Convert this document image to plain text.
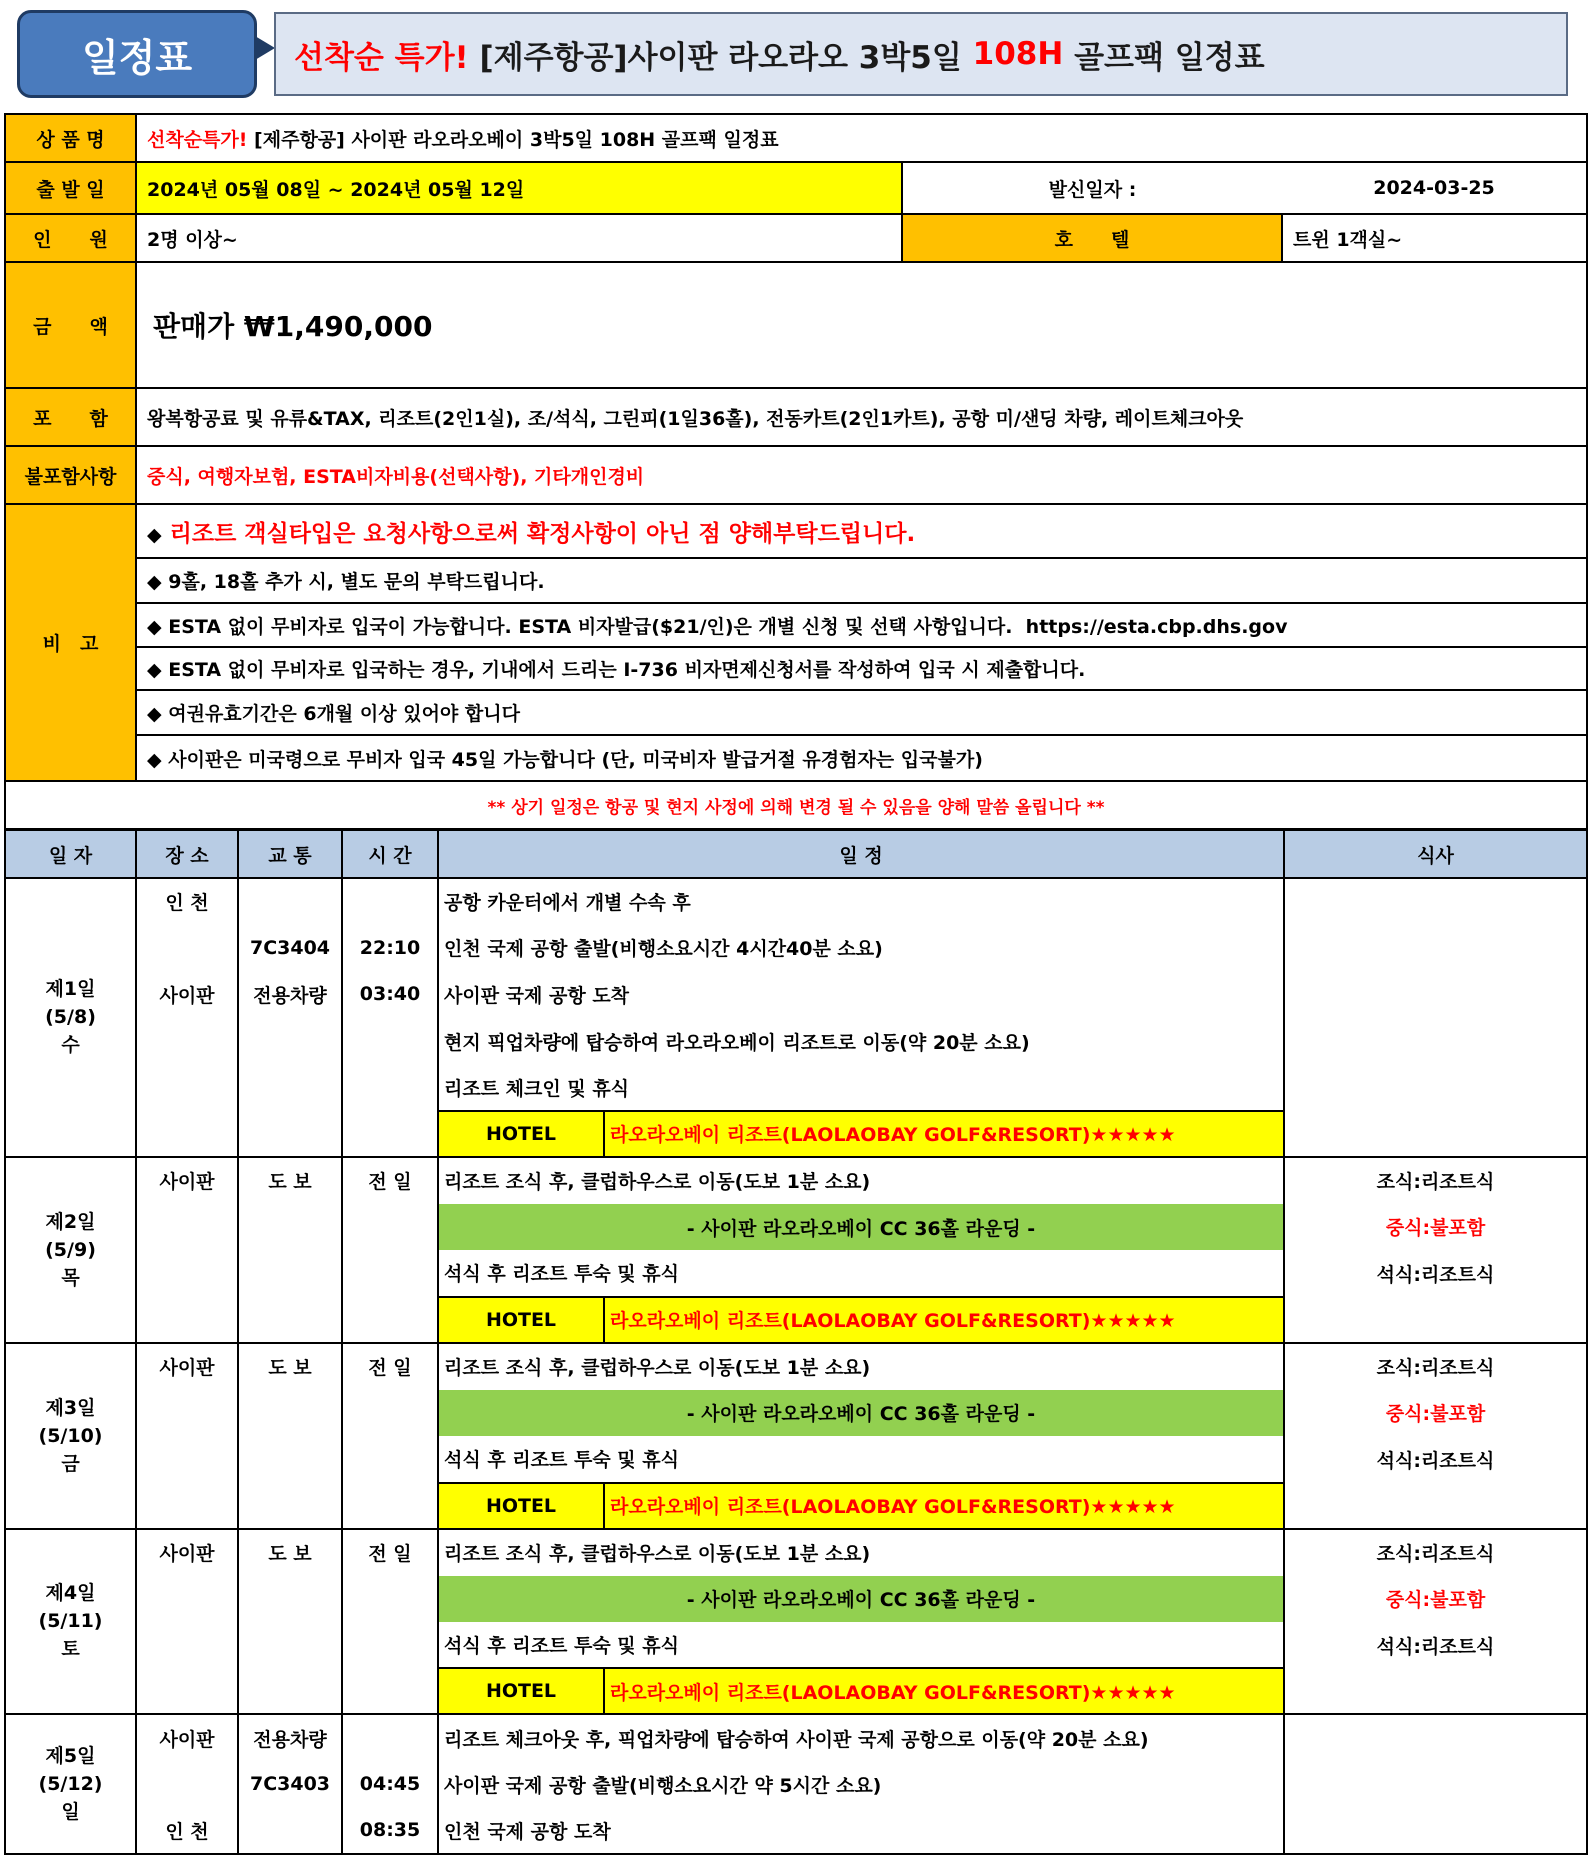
일정표	선착순 특가! [제주항공]사이판 라오라오 3박5일 108H 골프팩 일정표
상 품 명	선착순특가! [제주항공] 사이판 라오라오베이 3박5일 108H 골프팩 일정표		
출 발 일	2024년 05월 08일 ~ 2024년 05월 12일	발신일자 :	2024-03-25
인　　원	2명 이상~	호　　텔	트윈 1객실~
금　　액	판매가 ₩1,490,000		
포　　함	왕복항공료 및 유류&TAX, 리조트(2인1실), 조/석식, 그린피(1일36홀), 전동카트(2인1카트), 공항 미/샌딩 차량, 레이트체크아웃		
불포함사항	중식, 여행자보험, ESTA비자비용(선택사항), 기타개인경비		
비　고	◆ 리조트 객실타입은 요청사항으로써 확정사항이 아닌 점 양해부탁드립니다.		
	◆ 9홀, 18홀 추가 시, 별도 문의 부탁드립니다.		
	◆ ESTA 없이 무비자로 입국이 가능합니다. ESTA 비자발급($21/인)은 개별 신청 및 선택 사항입니다.  https://esta.cbp.dhs.gov		
	◆ ESTA 없이 무비자로 입국하는 경우, 기내에서 드리는 I-736 비자면제신청서를 작성하여 입국 시 제출합니다.		
	◆ 여권유효기간은 6개월 이상 있어야 합니다		
	◆ 사이판은 미국령으로 무비자 입국 45일 가능합니다 (단, 미국비자 발급거절 유경험자는 입국불가)		
** 상기 일정은 항공 및 현지 사정에 의해 변경 될 수 있음을 양해 말씀 올립니다 **			
일 자	장 소	교 통	시 간	일 정		식사
제1일
(5/8)
수	인 천			공항 카운터에서 개별 수속 후		
		7C3404	22:10	인천 국제 공항 출발(비행소요시간 4시간40분 소요)		
	사이판	전용차량	03:40	사이판 국제 공항 도착		
				현지 픽업차량에 탑승하여 라오라오베이 리조트로 이동(약 20분 소요)		
				리조트 체크인 및 휴식		
				HOTEL	라오라오베이 리조트(LAOLAOBAY GOLF&RESORT)★★★★★	
제2일
(5/9)
목	사이판	도 보	전 일	리조트 조식 후, 클럽하우스로 이동(도보 1분 소요)		조식:리조트식
				- 사이판 라오라오베이 CC 36홀 라운딩 -		중식:불포함
				석식 후 리조트 투숙 및 휴식		석식:리조트식
				HOTEL	라오라오베이 리조트(LAOLAOBAY GOLF&RESORT)★★★★★	
제3일
(5/10)
금	사이판	도 보	전 일	리조트 조식 후, 클럽하우스로 이동(도보 1분 소요)		조식:리조트식
				- 사이판 라오라오베이 CC 36홀 라운딩 -		중식:불포함
				석식 후 리조트 투숙 및 휴식		석식:리조트식
				HOTEL	라오라오베이 리조트(LAOLAOBAY GOLF&RESORT)★★★★★	
제4일
(5/11)
토	사이판	도 보	전 일	리조트 조식 후, 클럽하우스로 이동(도보 1분 소요)		조식:리조트식
				- 사이판 라오라오베이 CC 36홀 라운딩 -		중식:불포함
				석식 후 리조트 투숙 및 휴식		석식:리조트식
				HOTEL	라오라오베이 리조트(LAOLAOBAY GOLF&RESORT)★★★★★	
제5일
(5/12)
일	사이판	전용차량		리조트 체크아웃 후, 픽업차량에 탑승하여 사이판 국제 공항으로 이동(약 20분 소요)		
		7C3403	04:45	사이판 국제 공항 출발(비행소요시간 약 5시간 소요)		
	인 천		08:35	인천 국제 공항 도착		
